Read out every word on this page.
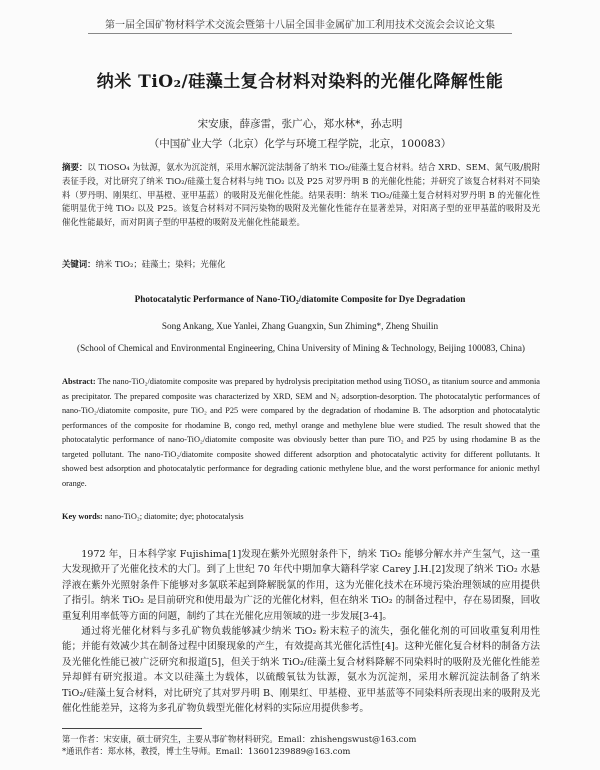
第一届全国矿物材料学术交流会暨第十八届全国非金属矿加工利用技术交流会会议论文集
纳米 TiO₂/硅藻土复合材料对染料的光催化降解性能
宋安康，薛彦雷，张广心，郑水林*，孙志明
（中国矿业大学（北京）化学与环境工程学院，北京，100083）
摘要：以 TiOSO₄ 为钛源，氨水为沉淀剂，采用水解沉淀法制备了纳米 TiO₂/硅藻土复合材料。结合 XRD、SEM、氮气吸/脱附表征手段，对比研究了纳米 TiO₂/硅藻土复合材料与纯 TiO₂ 以及 P25 对罗丹明 B 的光催化性能；并研究了该复合材料对不同染料（罗丹明、刚果红、甲基橙、亚甲基蓝）的吸附及光催化性能。结果表明：纳米 TiO₂/硅藻土复合材料对罗丹明 B 的光催化性能明显优于纯 TiO₂ 以及 P25。该复合材料对不同污染物的吸附及光催化性能存在显著差异，对阳离子型的亚甲基蓝的吸附及光催化性能最好，而对阴离子型的甲基橙的吸附及光催化性能最差。
关键词：纳米 TiO₂；硅藻土；染料；光催化
Photocatalytic Performance of Nano-TiO₂/diatomite Composite for Dye Degradation
Song Ankang, Xue Yanlei, Zhang Guangxin, Sun Zhiming*, Zheng Shuilin
(School of Chemical and Environmental Engineering, China University of Mining & Technology, Beijing 100083, China)
Abstract: The nano-TiO₂/diatomite composite was prepared by hydrolysis precipitation method using TiOSO₄ as titanium source and ammonia as precipitator. The prepared composite was characterized by XRD, SEM and N₂ adsorption-desorption. The photocatalytic performances of nano-TiO₂/diatomite composite, pure TiO₂ and P25 were compared by the degradation of rhodamine B. The adsorption and photocatalytic performances of the composite for rhodamine B, congo red, methyl orange and methylene blue were studied. The result showed that the photocatalytic performance of nano-TiO₂/diatomite composite was obviously better than pure TiO₂ and P25 by using rhodamine B as the targeted pollutant. The nano-TiO₂/diatomite composite showed different adsorption and photocatalytic activity for different pollutants. It showed best adsorption and photocatalytic performance for degrading cationic methylene blue, and the worst performance for anionic methyl orange.
Key words: nano-TiO₂; diatomite; dye; photocatalysis

1972 年，日本科学家 Fujishima[1]发现在紫外光照射条件下，纳米 TiO₂ 能够分解水并产生氢气，这一重大发现掀开了光催化技术的大门。到了上世纪 70 年代中期加拿大籍科学家 Carey J.H.[2]发现了纳米 TiO₂ 水悬浮液在紫外光照射条件下能够对多氯联苯起到降解脱氯的作用，这为光催化技术在环境污染治理领域的应用提供了指引。纳米 TiO₂ 是目前研究和使用最为广泛的光催化材料，但在纳米 TiO₂ 的制备过程中，存在易团聚，回收重复利用率低等方面的问题，制约了其在光催化应用领域的进一步发展[3-4]。

通过将光催化材料与多孔矿物负载能够减少纳米 TiO₂ 粉末粒子的流失，强化催化剂的可回收重复利用性能；并能有效减少其在制备过程中团聚现象的产生，有效提高其光催化活性[4]。这种光催化复合材料的制备方法及光催化性能已被广泛研究和报道[5]，但关于纳米 TiO₂/硅藻土复合材料降解不同染料时的吸附及光催化性能差异却鲜有研究报道。本文以硅藻土为载体，以硫酸氧钛为钛源，氨水为沉淀剂，采用水解沉淀法制备了纳米 TiO₂/硅藻土复合材料，对比研究了其对罗丹明 B、刚果红、甲基橙、亚甲基蓝等不同染料所表现出来的吸附及光催化性能差异，这将为多孔矿物负载型光催化材料的实际应用提供参考。

第一作者：宋安康，硕士研究生，主要从事矿物材料研究。Email：zhishengswust@163.com
*通讯作者：郑水林，教授，博士生导师。Email：13601239889@163.com
